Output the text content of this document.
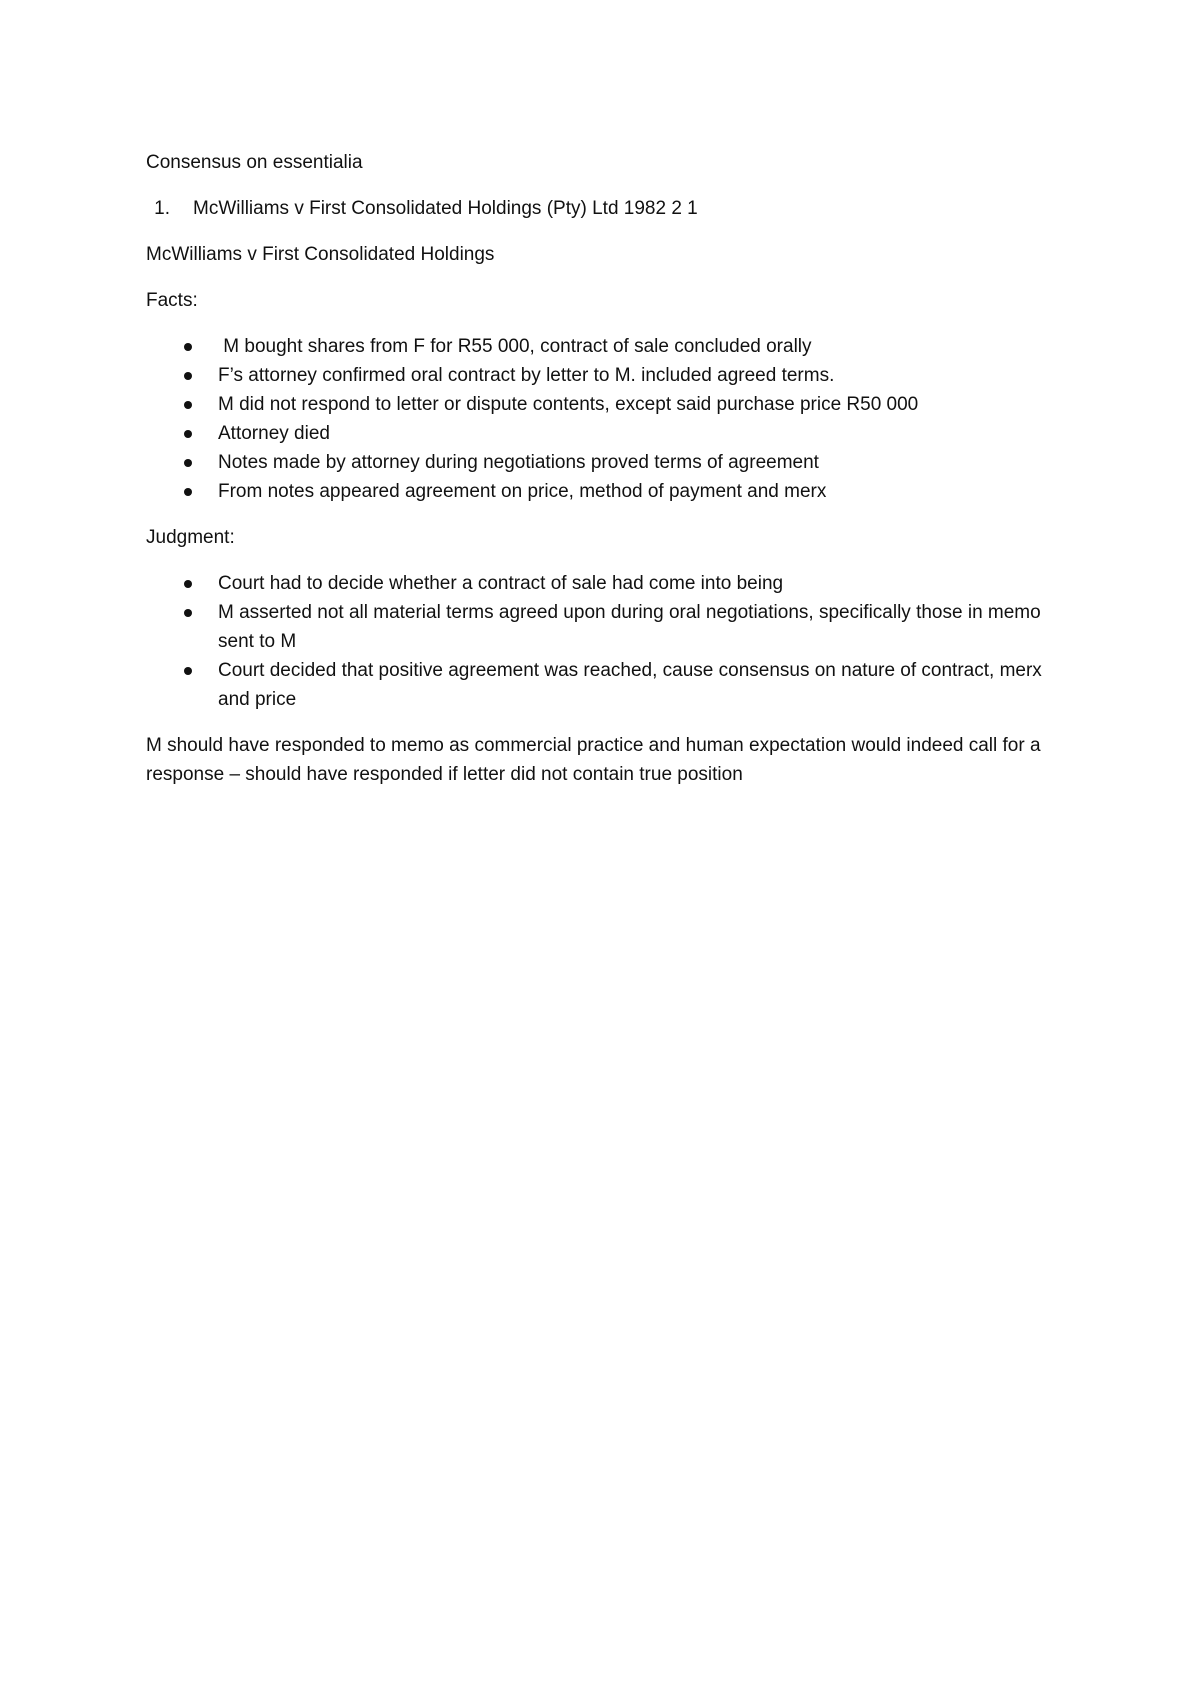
Consensus on essentialia

1. McWilliams v First Consolidated Holdings (Pty) Ltd 1982 2 1

McWilliams v First Consolidated Holdings

Facts:

M bought shares from F for R55 000, contract of sale concluded orally
F’s attorney confirmed oral contract by letter to M. included agreed terms.
M did not respond to letter or dispute contents, except said purchase price R50 000
Attorney died
Notes made by attorney during negotiations proved terms of agreement
From notes appeared agreement on price, method of payment and merx

Judgment:

Court had to decide whether a contract of sale had come into being
M asserted not all material terms agreed upon during oral negotiations, specifically those in memo sent to M
Court decided that positive agreement was reached, cause consensus on nature of contract, merx and price

M should have responded to memo as commercial practice and human expectation would indeed call for a response – should have responded if letter did not contain true position
